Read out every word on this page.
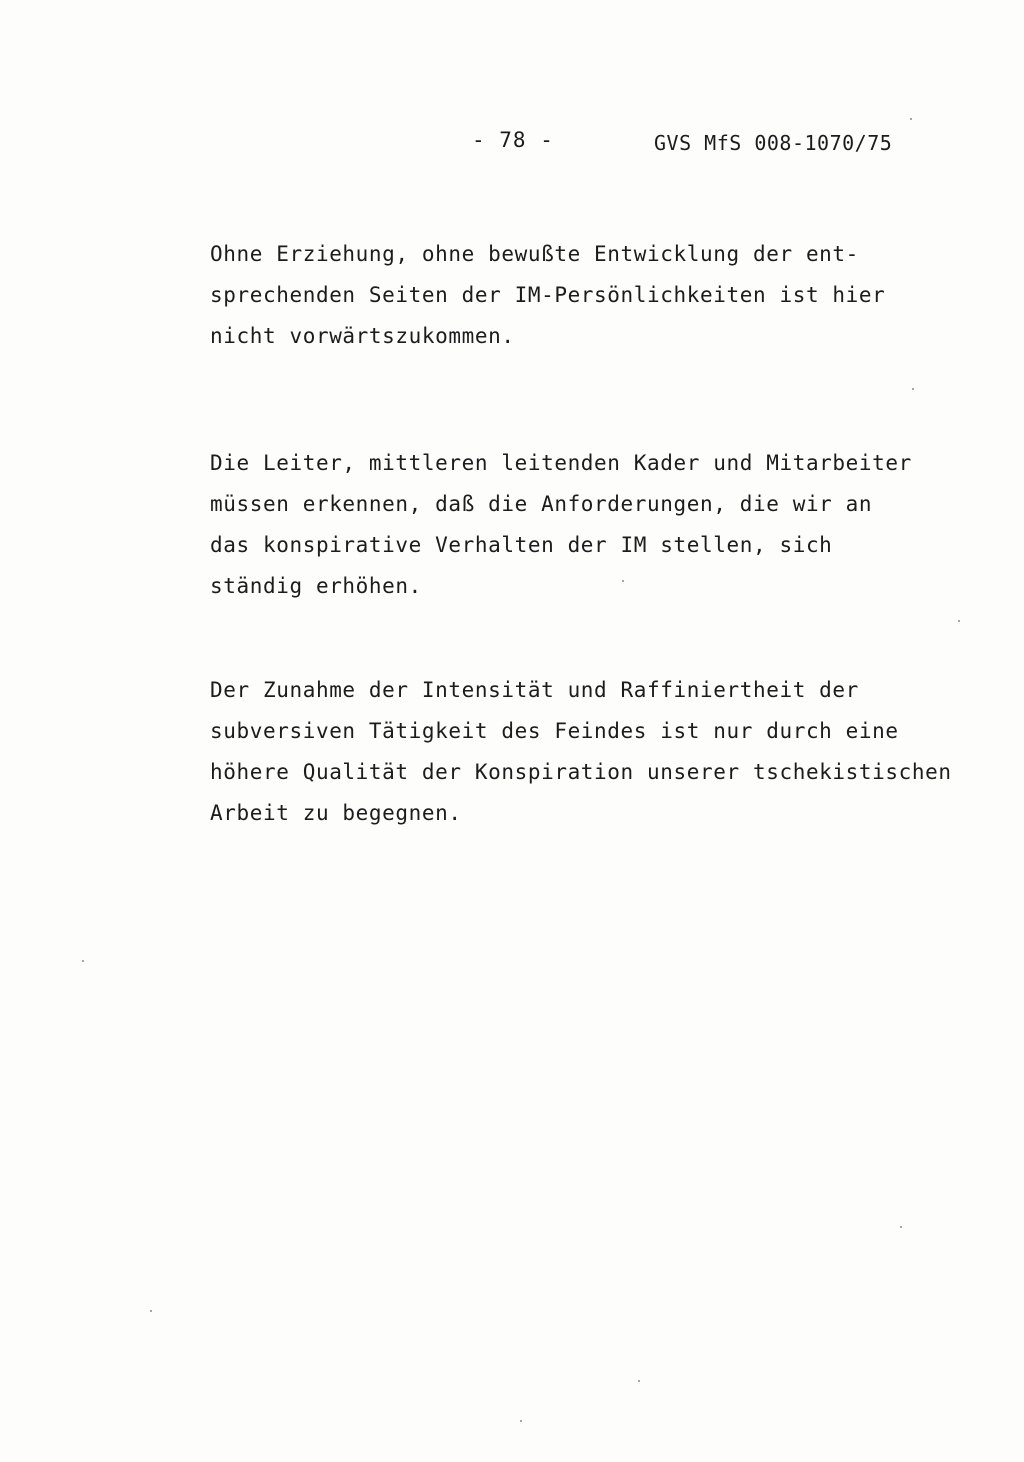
- 78 -	GVS MfS 008-1070/75
Ohne Erziehung, ohne bewußte Entwicklung der ent-
sprechenden Seiten der IM-Persönlichkeiten ist hier
nicht vorwärtszukommen.
Die Leiter, mittleren leitenden Kader und Mitarbeiter
müssen erkennen, daß die Anforderungen, die wir an
das konspirative Verhalten der IM stellen, sich
ständig erhöhen.
Der Zunahme der Intensität und Raffiniertheit der
subversiven Tätigkeit des Feindes ist nur durch eine
höhere Qualität der Konspiration unserer tschekistischen
Arbeit zu begegnen.
